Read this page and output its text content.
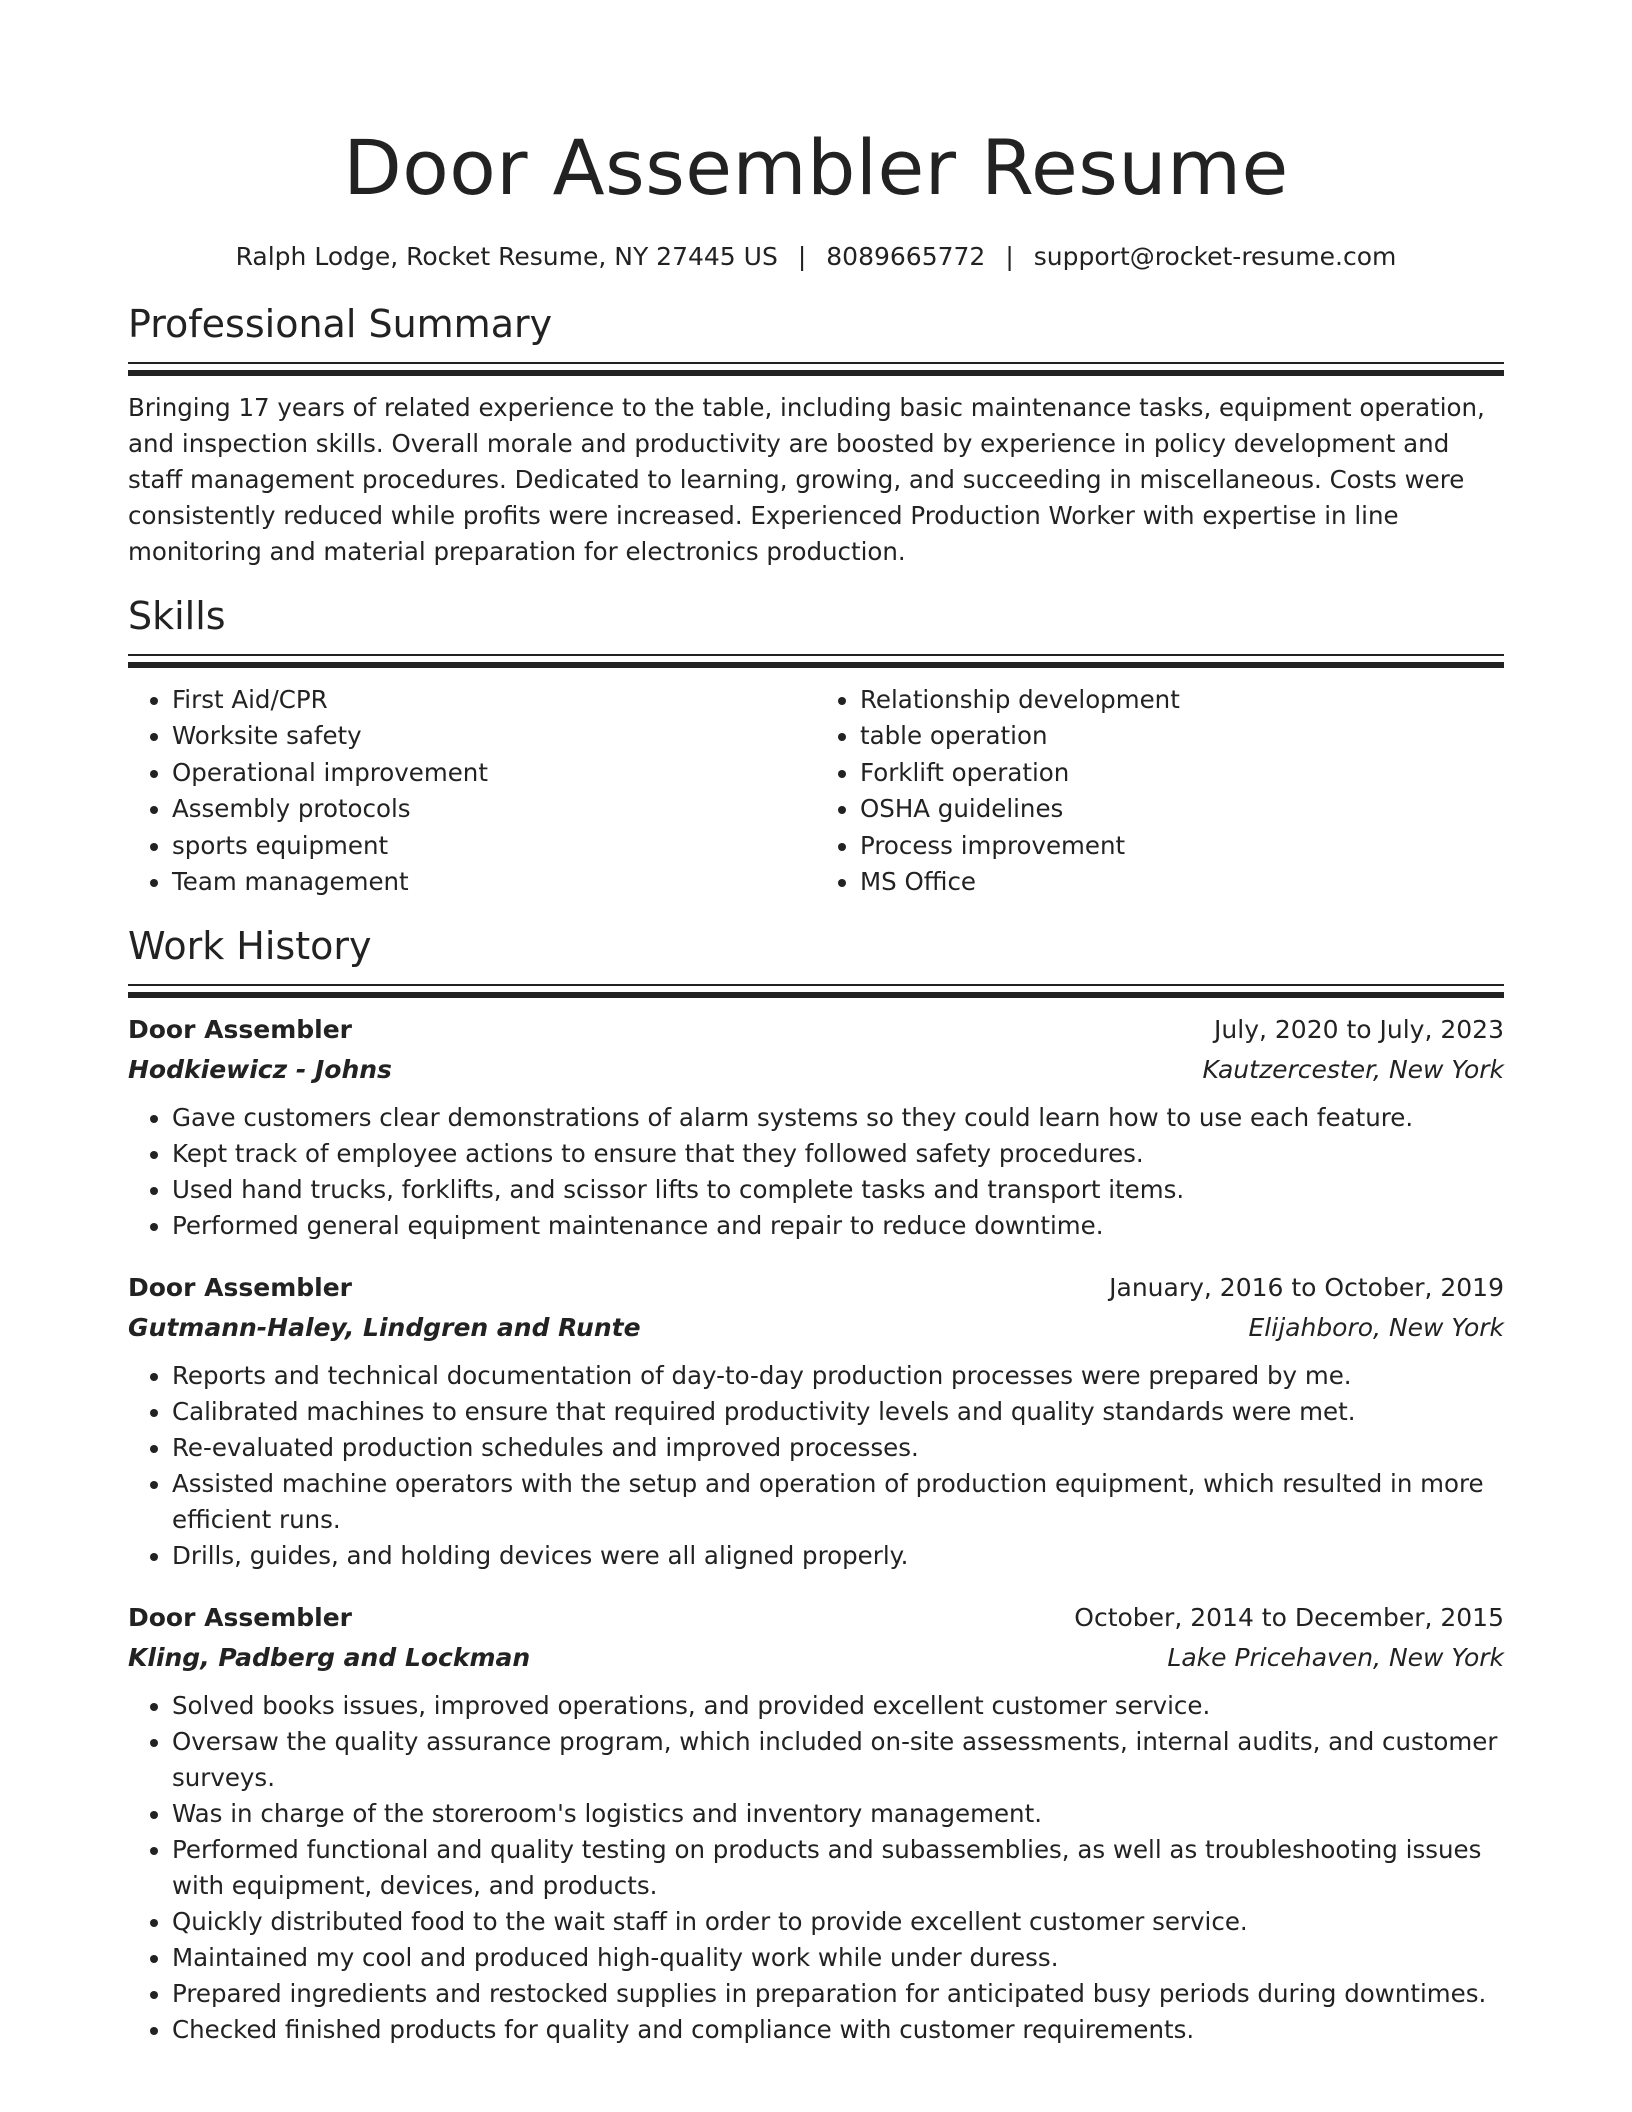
Door Assembler Resume
Ralph Lodge, Rocket Resume, NY 27445 US | 8089665772 | support@rocket-resume.com
Professional Summary
Bringing 17 years of related experience to the table, including basic maintenance tasks, equipment operation, and inspection skills. Overall morale and productivity are boosted by experience in policy development and staff management procedures. Dedicated to learning, growing, and succeeding in miscellaneous. Costs were consistently reduced while profits were increased. Experienced Production Worker with expertise in line monitoring and material preparation for electronics production.
Skills
• First Aid/CPR
• Worksite safety
• Operational improvement
• Assembly protocols
• sports equipment
• Team management
• Relationship development
• table operation
• Forklift operation
• OSHA guidelines
• Process improvement
• MS Office
Work History
Door Assembler	July, 2020 to July, 2023
Hodkiewicz - Johns	Kautzercester, New York
• Gave customers clear demonstrations of alarm systems so they could learn how to use each feature.
• Kept track of employee actions to ensure that they followed safety procedures.
• Used hand trucks, forklifts, and scissor lifts to complete tasks and transport items.
• Performed general equipment maintenance and repair to reduce downtime.
Door Assembler	January, 2016 to October, 2019
Gutmann-Haley, Lindgren and Runte	Elijahboro, New York
• Reports and technical documentation of day-to-day production processes were prepared by me.
• Calibrated machines to ensure that required productivity levels and quality standards were met.
• Re-evaluated production schedules and improved processes.
• Assisted machine operators with the setup and operation of production equipment, which resulted in more efficient runs.
• Drills, guides, and holding devices were all aligned properly.
Door Assembler	October, 2014 to December, 2015
Kling, Padberg and Lockman	Lake Pricehaven, New York
• Solved books issues, improved operations, and provided excellent customer service.
• Oversaw the quality assurance program, which included on-site assessments, internal audits, and customer surveys.
• Was in charge of the storeroom's logistics and inventory management.
• Performed functional and quality testing on products and subassemblies, as well as troubleshooting issues with equipment, devices, and products.
• Quickly distributed food to the wait staff in order to provide excellent customer service.
• Maintained my cool and produced high-quality work while under duress.
• Prepared ingredients and restocked supplies in preparation for anticipated busy periods during downtimes.
• Checked finished products for quality and compliance with customer requirements.
